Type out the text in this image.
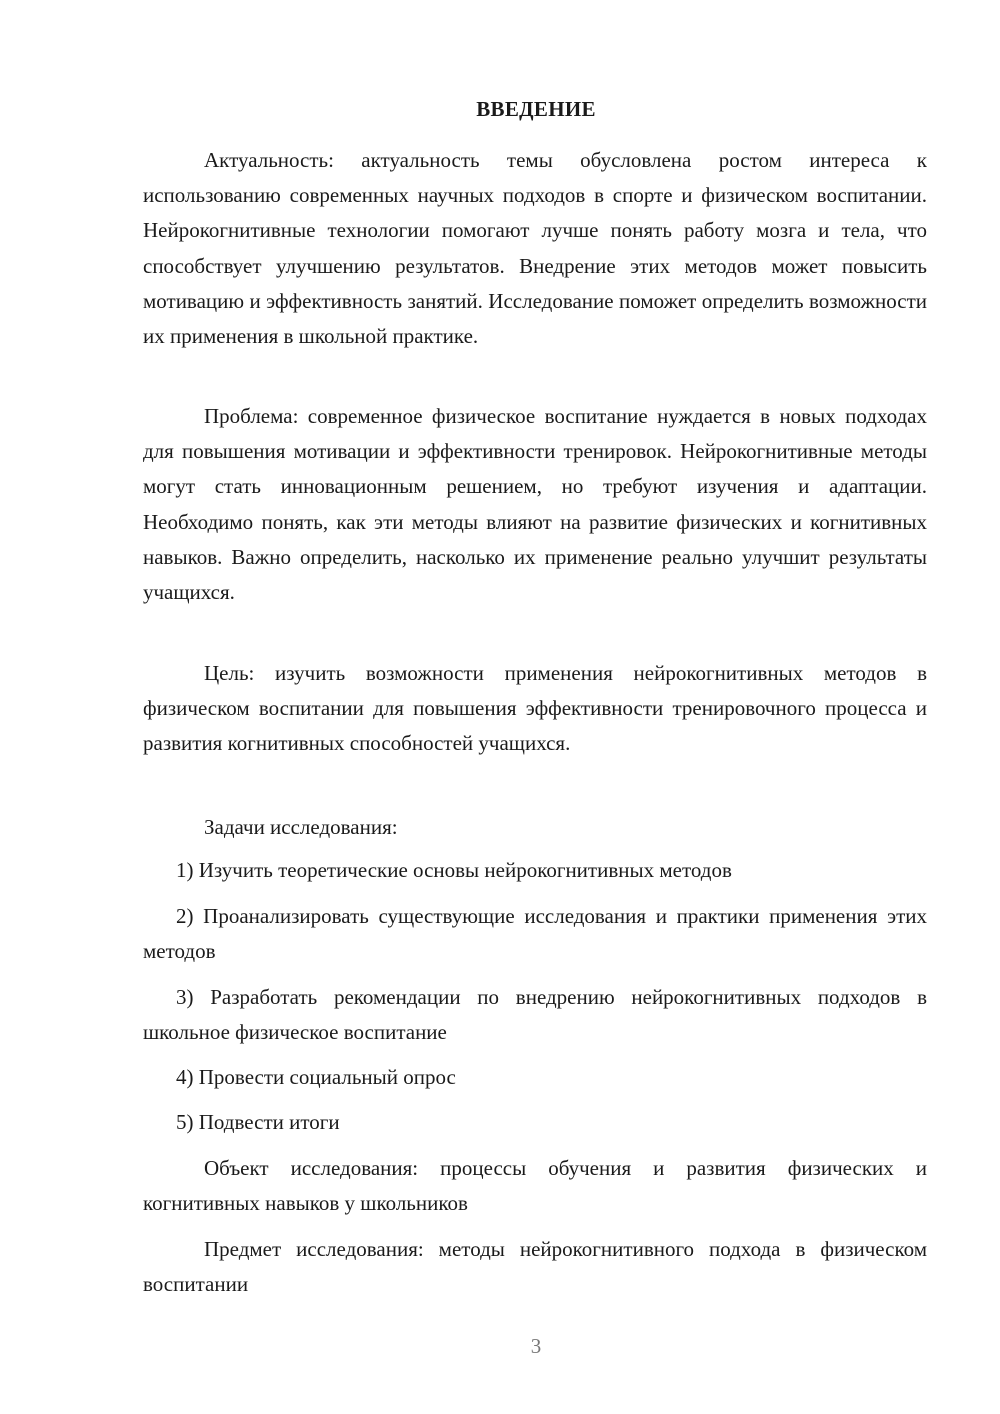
ВВЕДЕНИЕ

Актуальность: актуальность темы обусловлена ростом интереса к использованию современных научных подходов в спорте и физическом воспитании. Нейрокогнитивные технологии помогают лучше понять работу мозга и тела, что способствует улучшению результатов. Внедрение этих методов может повысить мотивацию и эффективность занятий. Исследование поможет определить возможности их применения в школьной практике.

Проблема: современное физическое воспитание нуждается в новых подходах для повышения мотивации и эффективности тренировок. Нейрокогнитивные методы могут стать инновационным решением, но требуют изучения и адаптации. Необходимо понять, как эти методы влияют на развитие физических и когнитивных навыков. Важно определить, насколько их применение реально улучшит результаты учащихся.

Цель: изучить возможности применения нейрокогнитивных методов в физическом воспитании для повышения эффективности тренировочного процесса и развития когнитивных способностей учащихся.

Задачи исследования:

1) Изучить теоретические основы нейрокогнитивных методов

2) Проанализировать существующие исследования и практики применения этих методов

3) Разработать рекомендации по внедрению нейрокогнитивных подходов в школьное физическое воспитание

4) Провести социальный опрос

5) Подвести итоги

Объект исследования: процессы обучения и развития физических и когнитивных навыков у школьников

Предмет исследования: методы нейрокогнитивного подхода в физическом воспитании

3
